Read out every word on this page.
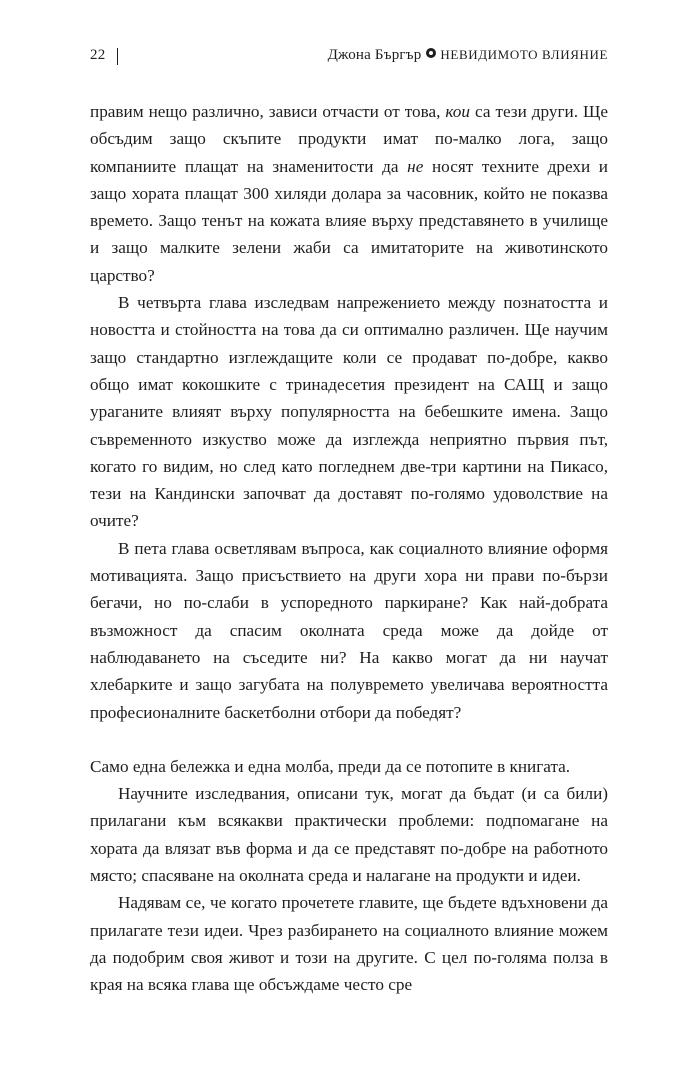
22	Джона Бъргър НЕВИДИМОТО ВЛИЯНИЕ

правим нещо различно, зависи отчасти от това, кои са тези други. Ще обсъдим защо скъпите продукти имат по-малко лога, защо компаниите плащат на знаменитости да не носят техните дрехи и защо хората плащат 300 хиляди долара за часовник, който не показва времето. Защо тенът на кожата влияе върху представянето в училище и защо малките зелени жаби са имитаторите на животинското царство?

В четвърта глава изследвам напрежението между познатостта и новостта и стойността на това да си оптимално различен. Ще научим защо стандартно изглеждащите коли се продават по-добре, какво общо имат кокошките с тринадесетия президент на САЩ и защо ураганите влияят върху популярността на бебешките имена. Защо съвременното изкуство може да изглежда неприятно първия път, когато го видим, но след като погледнем две-три картини на Пикасо, тези на Кандински започват да доставят по-голямо удоволствие на очите?

В пета глава осветлявам въпроса, как социалното влияние оформя мотивацията. Защо присъствието на други хора ни прави по-бързи бегачи, но по-слаби в успоредното паркиране? Как най-добрата възможност да спасим околната среда може да дойде от наблюдаването на съседите ни? На какво могат да ни научат хлебарките и защо загубата на полувремето увеличава вероятността професионалните баскетболни отбори да победят?

Само една бележка и една молба, преди да се потопите в книгата.

Научните изследвания, описани тук, могат да бъдат (и са били) прилагани към всякакви практически проблеми: подпомагане на хората да влязат във форма и да се представят по-добре на работното място; спасяване на околната среда и налагане на продукти и идеи.

Надявам се, че когато прочетете главите, ще бъдете вдъхновени да прилагате тези идеи. Чрез разбирането на социалното влияние можем да подобрим своя живот и този на другите. С цел по-голяма полза в края на всяка глава ще обсъждаме често сре
